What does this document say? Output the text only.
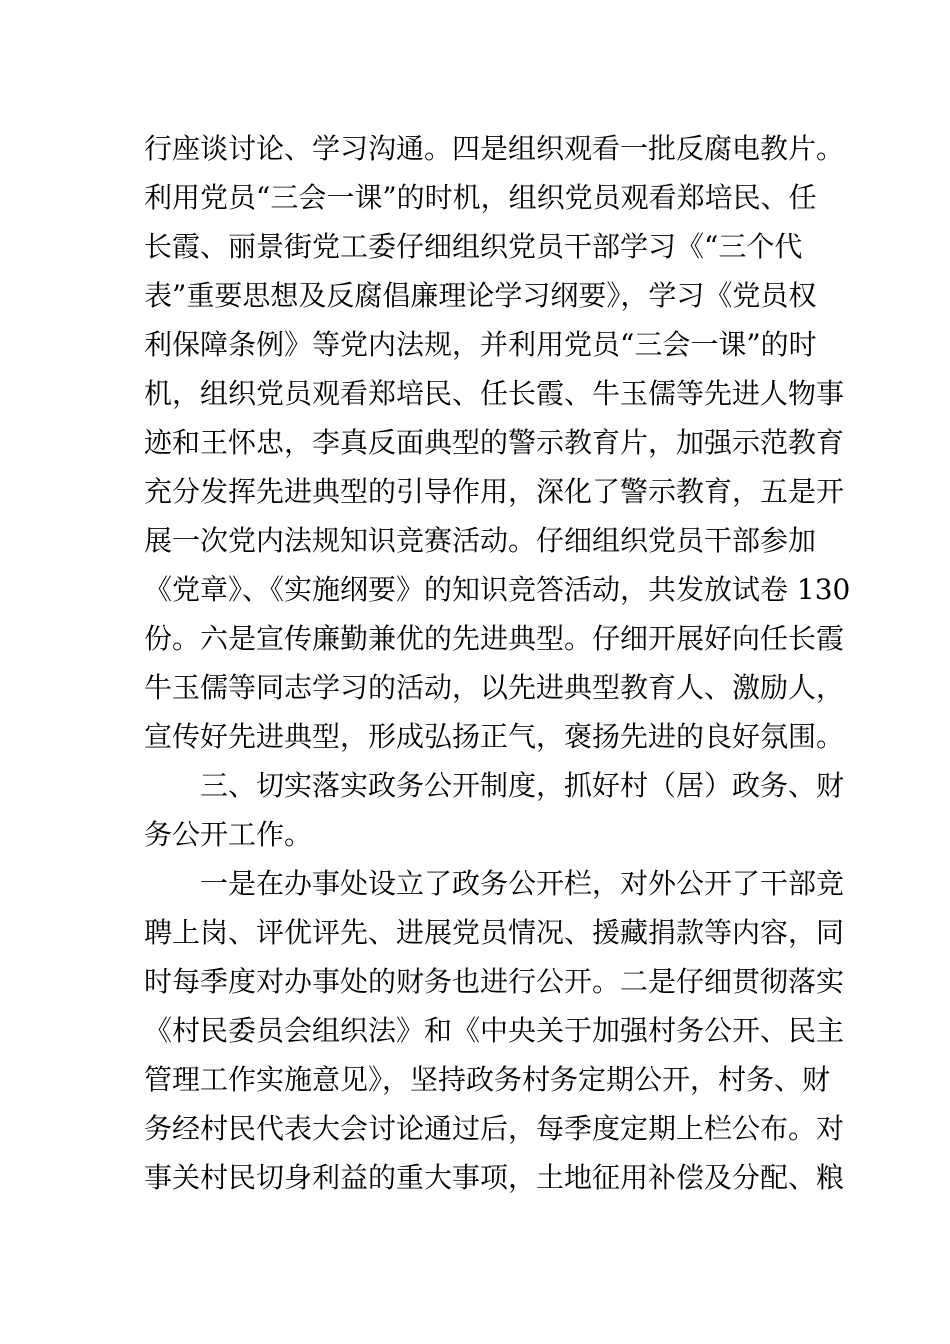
行座谈讨论、学习沟通。四是组织观看一批反腐电教片。
利用党员“三会一课”的时机，组织党员观看郑培民、任
长霞、丽景街党工委仔细组织党员干部学习《“三个代
表”重要思想及反腐倡廉理论学习纲要》，学习《党员权
利保障条例》等党内法规，并利用党员“三会一课”的时
机，组织党员观看郑培民、任长霞、牛玉儒等先进人物事
迹和王怀忠，李真反面典型的警示教育片，加强示范教育
充分发挥先进典型的引导作用，深化了警示教育，五是开
展一次党内法规知识竞赛活动。仔细组织党员干部参加
《党章》、《实施纲要》的知识竞答活动，共发放试卷 130
份。六是宣传廉勤兼优的先进典型。仔细开展好向任长霞
牛玉儒等同志学习的活动，以先进典型教育人、激励人，
宣传好先进典型，形成弘扬正气，褒扬先进的良好氛围。
三、切实落实政务公开制度，抓好村（居）政务、财
务公开工作。
一是在办事处设立了政务公开栏，对外公开了干部竞
聘上岗、评优评先、进展党员情况、援藏捐款等内容，同
时每季度对办事处的财务也进行公开。二是仔细贯彻落实
《村民委员会组织法》和《中央关于加强村务公开、民主
管理工作实施意见》，坚持政务村务定期公开，村务、财
务经村民代表大会讨论通过后，每季度定期上栏公布。对
事关村民切身利益的重大事项，土地征用补偿及分配、粮
